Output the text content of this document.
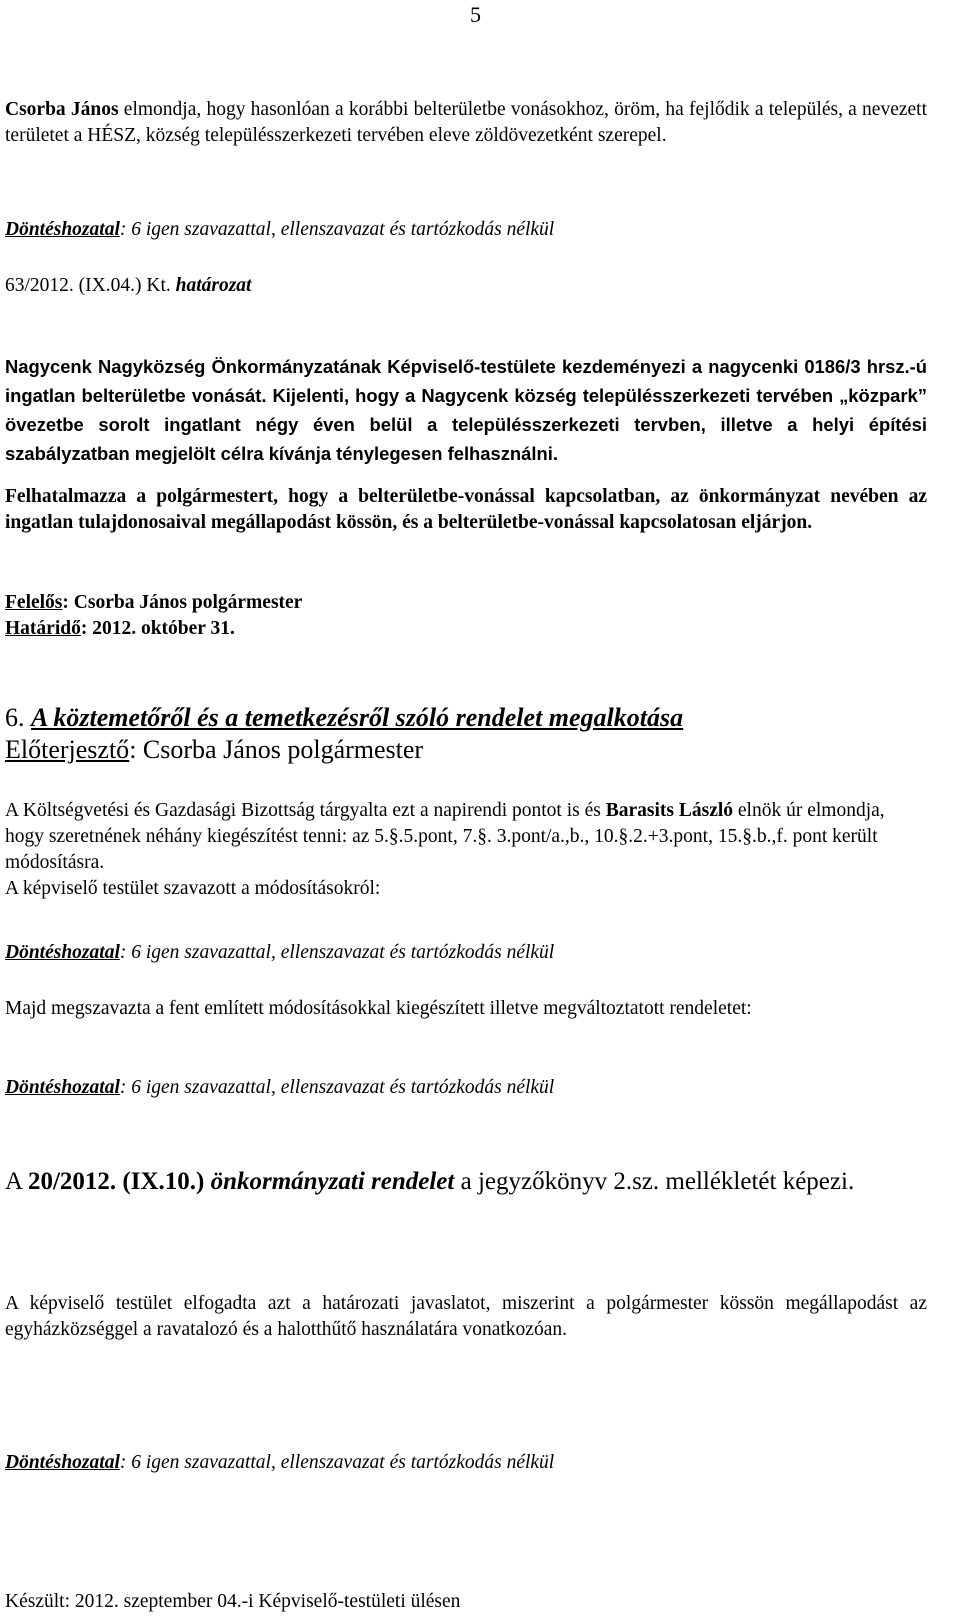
5

Csorba János elmondja, hogy hasonlóan a korábbi belterületbe vonásokhoz, öröm, ha fejlődik a település, a nevezett területet a HÉSZ, község településszerkezeti tervében eleve zöldövezetként szerepel.

Döntéshozatal: 6 igen szavazattal, ellenszavazat és tartózkodás nélkül

63/2012. (IX.04.) Kt. határozat

Nagycenk Nagyközség Önkormányzatának Képviselő-testülete kezdeményezi a nagycenki 0186/3 hrsz.-ú ingatlan belterületbe vonását. Kijelenti, hogy a Nagycenk község településszerkezeti tervében „közpark” övezetbe sorolt ingatlant négy éven belül a településszerkezeti tervben, illetve a helyi építési szabályzatban megjelölt célra kívánja ténylegesen felhasználni.

Felhatalmazza a polgármestert, hogy a belterületbe-vonással kapcsolatban, az önkormányzat nevében az ingatlan tulajdonosaival megállapodást kössön, és a belterületbe-vonással kapcsolatosan eljárjon.

Felelős: Csorba János polgármester

Határidő: 2012. október 31.

6. A köztemetőről és a temetkezésről szóló rendelet megalkotása

Előterjesztő: Csorba János polgármester

A Költségvetési és Gazdasági Bizottság tárgyalta ezt a napirendi pontot is és Barasits László elnök úr elmondja, hogy szeretnének néhány kiegészítést tenni: az 5.§.5.pont, 7.§. 3.pont/a.,b., 10.§.2.+3.pont, 15.§.b.,f. pont került módosításra.

A képviselő testület szavazott a módosításokról:

Döntéshozatal: 6 igen szavazattal, ellenszavazat és tartózkodás nélkül

Majd megszavazta a fent említett módosításokkal kiegészített illetve megváltoztatott rendeletet:

Döntéshozatal: 6 igen szavazattal, ellenszavazat és tartózkodás nélkül

A 20/2012. (IX.10.) önkormányzati rendelet a jegyzőkönyv 2.sz. mellékletét képezi.

A képviselő testület elfogadta azt a határozati javaslatot, miszerint a polgármester kössön megállapodást az egyházközséggel a ravatalozó és a halotthűtő használatára vonatkozóan.

Döntéshozatal: 6 igen szavazattal, ellenszavazat és tartózkodás nélkül

Készült: 2012. szeptember 04.-i Képviselő-testületi ülésen
